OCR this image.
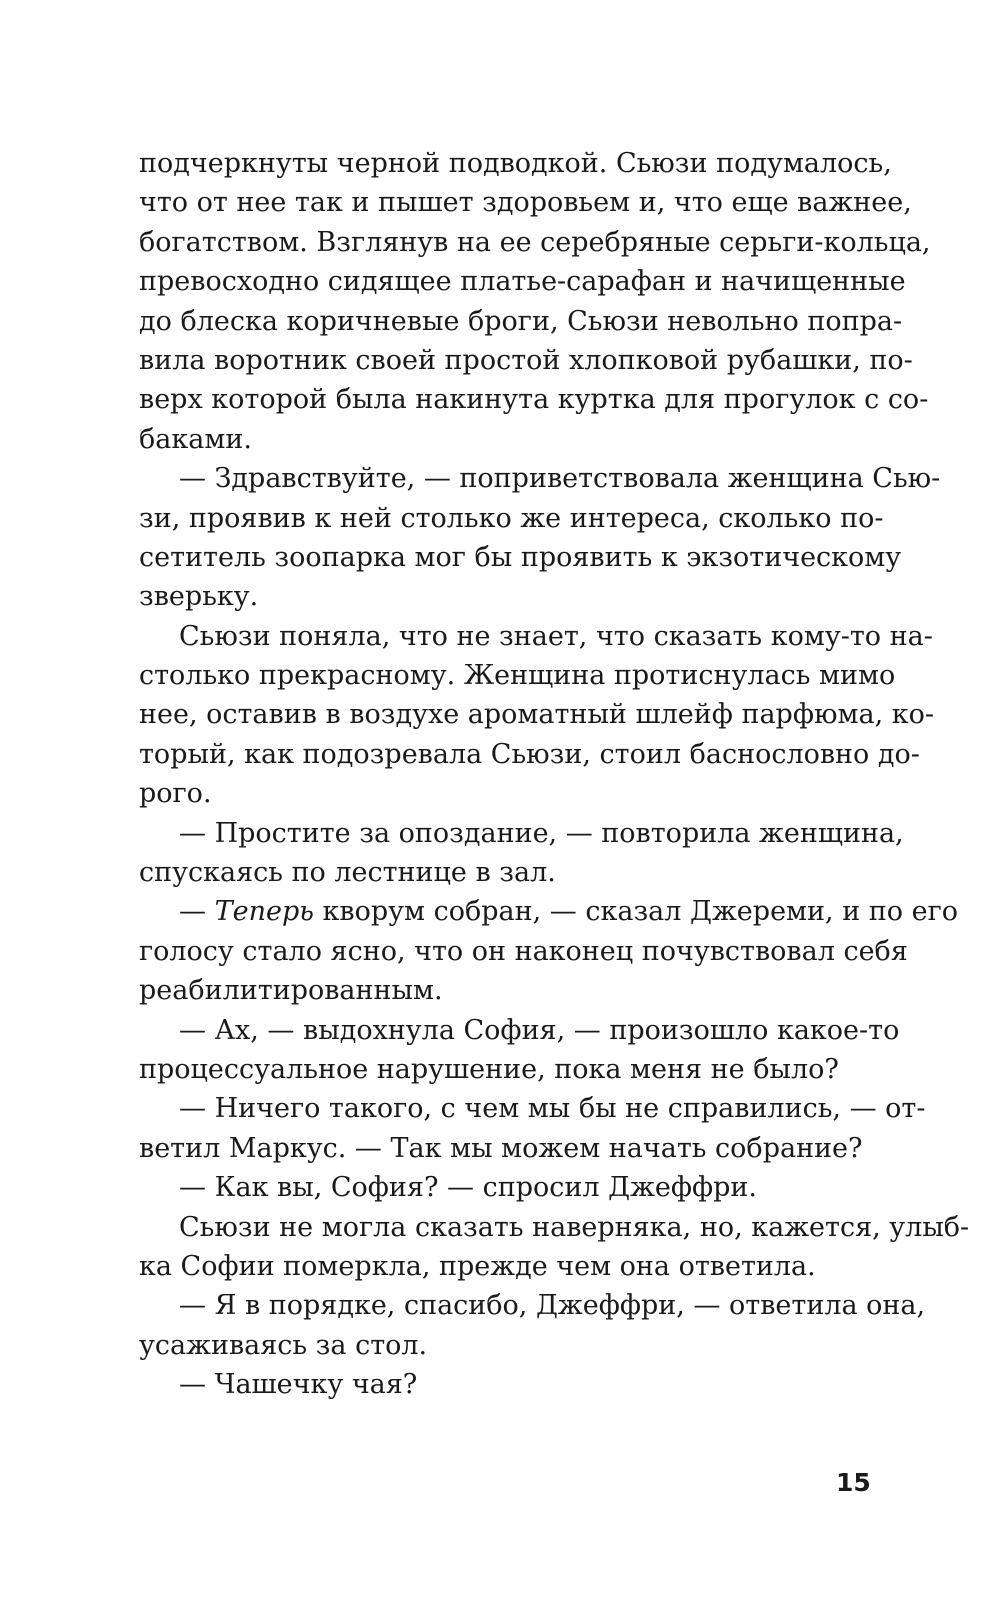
подчеркнуты черной подводкой. Сьюзи подумалось,
что от нее так и пышет здоровьем и, что еще важнее,
богатством. Взглянув на ее серебряные серьги-кольца,
превосходно сидящее платье-сарафан и начищенные
до блеска коричневые броги, Сьюзи невольно попра-
вила воротник своей простой хлопковой рубашки, по-
верх которой была накинута куртка для прогулок с со-
баками.
— Здравствуйте, — поприветствовала женщина Сью-
зи, проявив к ней столько же интереса, сколько по-
сетитель зоопарка мог бы проявить к экзотическому
зверьку.
Сьюзи поняла, что не знает, что сказать кому-то на-
столько прекрасному. Женщина протиснулась мимо
нее, оставив в воздухе ароматный шлейф парфюма, ко-
торый, как подозревала Сьюзи, стоил баснословно до-
рого.
— Простите за опоздание, — повторила женщина,
спускаясь по лестнице в зал.
— Теперь кворум собран, — сказал Джереми, и по его
голосу стало ясно, что он наконец почувствовал себя
реабилитированным.
— Ах, — выдохнула София, — произошло какое-то
процессуальное нарушение, пока меня не было?
— Ничего такого, с чем мы бы не справились, — от-
ветил Маркус. — Так мы можем начать собрание?
— Как вы, София? — спросил Джеффри.
Сьюзи не могла сказать наверняка, но, кажется, улыб-
ка Софии померкла, прежде чем она ответила.
— Я в порядке, спасибо, Джеффри, — ответила она,
усаживаясь за стол.
— Чашечку чая?
15
